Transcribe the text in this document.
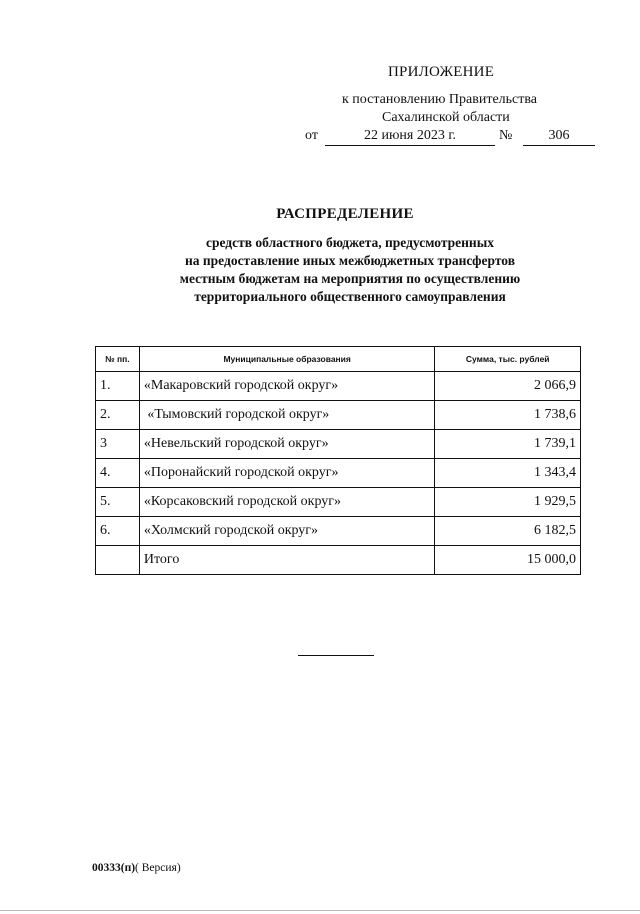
ПРИЛОЖЕНИЕ
к постановлению Правительства
Сахалинской области
от	22 июня 2023 г.	№	306
РАСПРЕДЕЛЕНИЕ
средств областного бюджета, предусмотренных
на предоставление иных межбюджетных трансфертов
местным бюджетам на мероприятия по осуществлению
территориального общественного самоуправления
№ пп.	Муниципальные образования	Сумма, тыс. рублей
1.	«Макаровский городской округ»	2 066,9
2.	«Тымовский городской округ»	1 738,6
3	«Невельский городской округ»	1 739,1
4.	«Поронайский городской округ»	1 343,4
5.	«Корсаковский городской округ»	1 929,5
6.	«Холмский городской округ»	6 182,5
	Итого	15 000,0
00333(п)( Версия)
